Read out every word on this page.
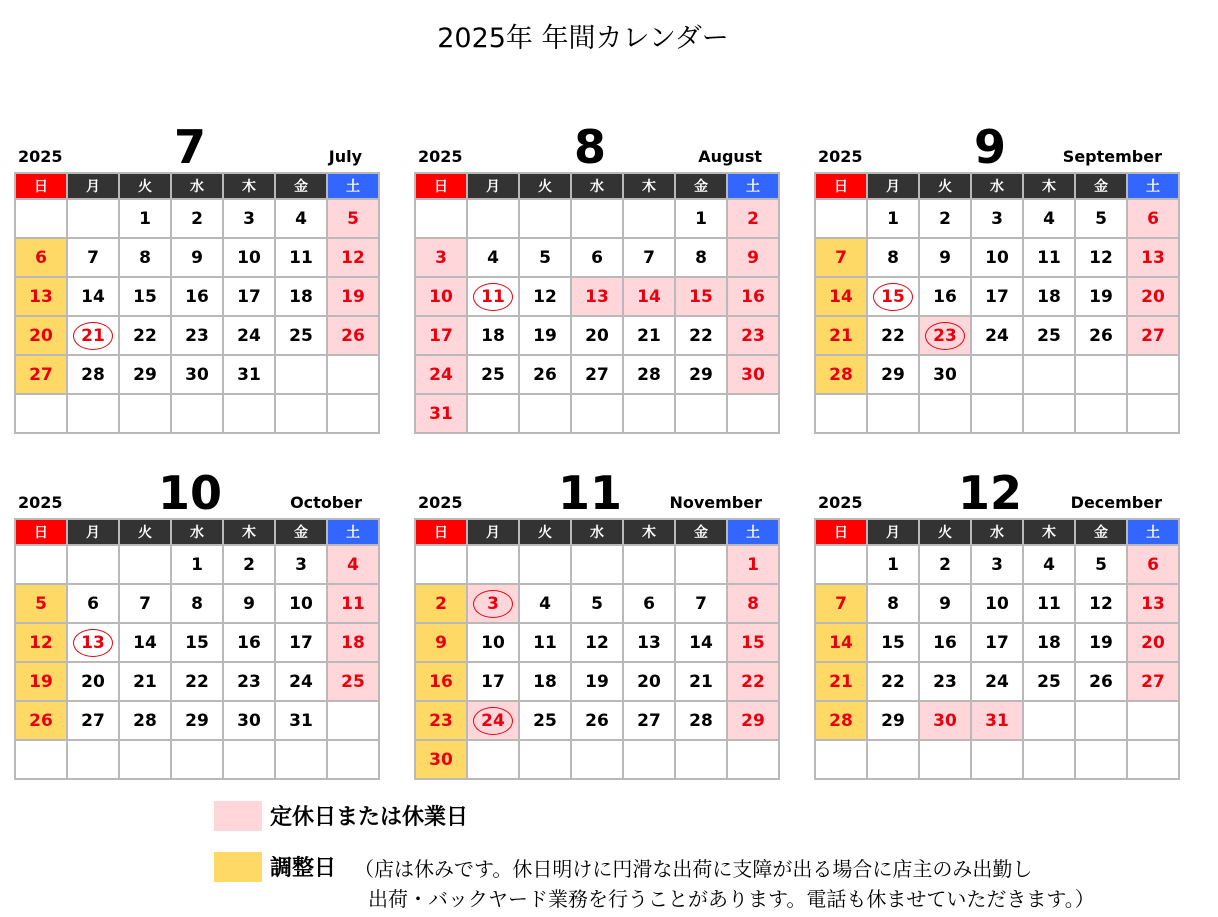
2025年 年間カレンダー
2025	7	July
日	月	火	水	木	金	土
		1	2	3	4	5
6	7	8	9	10	11	12
13	14	15	16	17	18	19
20	21	22	23	24	25	26
27	28	29	30	31		

2025	8	August
日	月	火	水	木	金	土
					1	2
3	4	5	6	7	8	9
10	11	12	13	14	15	16
17	18	19	20	21	22	23
24	25	26	27	28	29	30
31						
2025	9	September
日	月	火	水	木	金	土
	1	2	3	4	5	6
7	8	9	10	11	12	13
14	15	16	17	18	19	20
21	22	23	24	25	26	27
28	29	30				

2025	10	October
日	月	火	水	木	金	土
			1	2	3	4
5	6	7	8	9	10	11
12	13	14	15	16	17	18
19	20	21	22	23	24	25
26	27	28	29	30	31	

2025	11	November
日	月	火	水	木	金	土
						1
2	3	4	5	6	7	8
9	10	11	12	13	14	15
16	17	18	19	20	21	22
23	24	25	26	27	28	29
30						
2025	12	December
日	月	火	水	木	金	土
	1	2	3	4	5	6
7	8	9	10	11	12	13
14	15	16	17	18	19	20
21	22	23	24	25	26	27
28	29	30	31			

定休日または休業日
調整日 （店は休みです。休日明けに円滑な出荷に支障が出る場合に店主のみ出勤し
出荷・バックヤード業務を行うことがあります。電話も休ませていただきます。）
